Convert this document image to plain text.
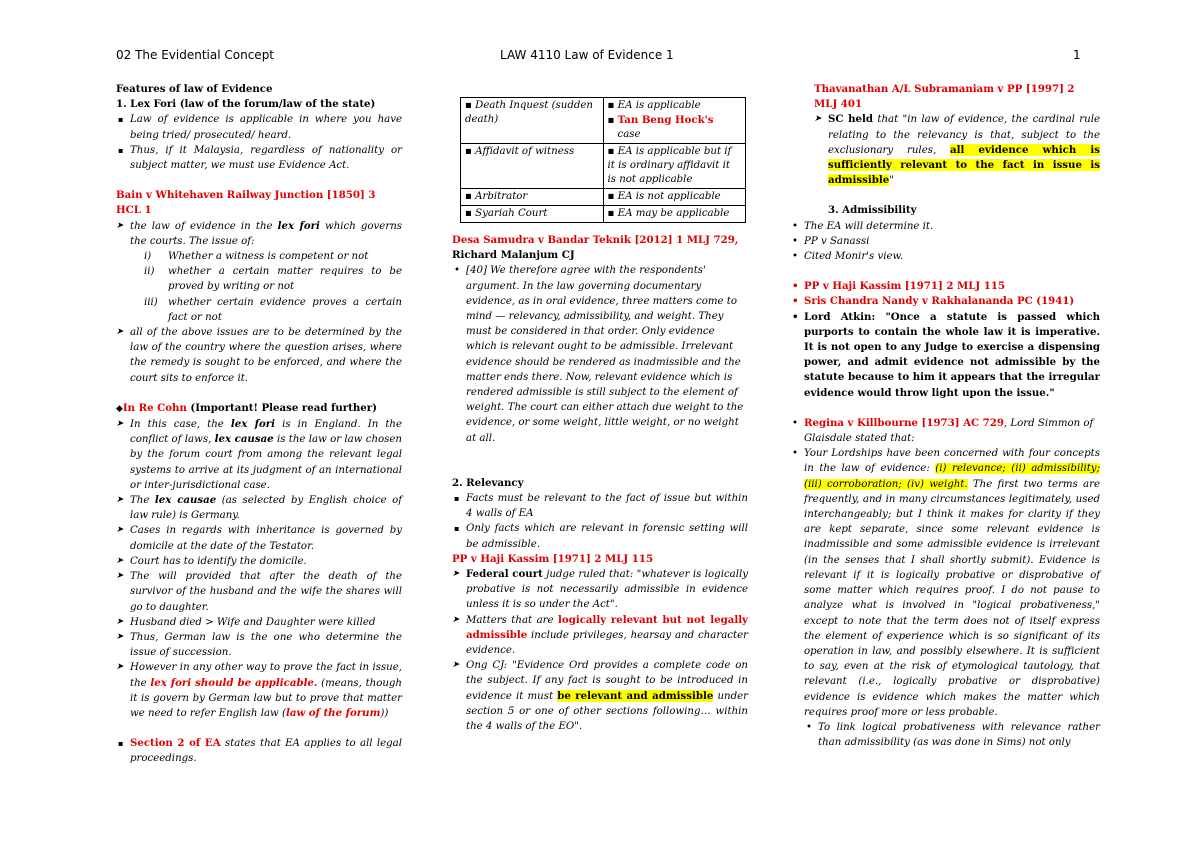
02 The Evidential Concept	LAW 4110 Law of Evidence 1	1
Features of law of Evidence
1. Lex Fori (law of the forum/law of the state)
▪ Law of evidence is applicable in where you have being tried/ prosecuted/ heard.
▪ Thus, if it Malaysia, regardless of nationality or subject matter, we must use Evidence Act.
Bain v Whitehaven Railway Junction [1850] 3 HCL 1
➤ the law of evidence in the lex fori which governs the courts. The issue of:
i) Whether a witness is competent or not
ii) whether a certain matter requires to be proved by writing or not
iii) whether certain evidence proves a certain fact or not
➤ all of the above issues are to be determined by the law of the country where the question arises, where the remedy is sought to be enforced, and where the court sits to enforce it.
◆In Re Cohn (Important! Please read further)
➤ In this case, the lex fori is in England. In the conflict of laws, lex causae is the law or law chosen by the forum court from among the relevant legal systems to arrive at its judgment of an international or inter-jurisdictional case.
➤ The lex causae (as selected by English choice of law rule) is Germany.
➤ Cases in regards with inheritance is governed by domicile at the date of the Testator.
➤ Court has to identify the domicile.
➤ The will provided that after the death of the survivor of the husband and the wife the shares will go to daughter.
➤ Husband died > Wife and Daughter were killed
➤ Thus, German law is the one who determine the issue of succession.
➤ However in any other way to prove the fact in issue, the lex fori should be applicable. (means, though it is govern by German law but to prove that matter we need to refer English law (law of the forum))
▪ Section 2 of EA states that EA applies to all legal proceedings.
▪ Death Inquest (sudden death)	▪ EA is applicable
▪ Tan Beng Hock's
case
▪ Affidavit of witness	▪ EA is applicable but if it is ordinary affidavit it is not applicable
▪ Arbitrator	▪ EA is not applicable
▪ Syariah Court	▪ EA may be applicable
Desa Samudra v Bandar Teknik [2012] 1 MLJ 729,
Richard Malanjum CJ
• [40] We therefore agree with the respondents' argument. In the law governing documentary evidence, as in oral evidence, three matters come to mind — relevancy, admissibility, and weight. They must be considered in that order. Only evidence which is relevant ought to be admissible. Irrelevant evidence should be rendered as inadmissible and the matter ends there. Now, relevant evidence which is rendered admissible is still subject to the element of weight. The court can either attach due weight to the evidence, or some weight, little weight, or no weight at all.
2. Relevancy
▪ Facts must be relevant to the fact of issue but within 4 walls of EA
▪ Only facts which are relevant in forensic setting will be admissible.
PP v Haji Kassim [1971] 2 MLJ 115
➤ Federal court judge ruled that: "whatever is logically probative is not necessarily admissible in evidence unless it is so under the Act".
➤ Matters that are logically relevant but not legally admissible include privileges, hearsay and character evidence.
➤ Ong CJ: "Evidence Ord provides a complete code on the subject. If any fact is sought to be introduced in evidence it must be relevant and admissible under section 5 or one of other sections following… within the 4 walls of the EO".
Thavanathan A/L Subramaniam v PP [1997] 2 MLJ 401
➤ SC held that "in law of evidence, the cardinal rule relating to the relevancy is that, subject to the exclusionary rules, all evidence which is sufficiently relevant to the fact in issue is admissible"
3. Admissibility
• The EA will determine it.
• PP v Sanassi
• Cited Monir's view.
• PP v Haji Kassim [1971] 2 MLJ 115
• Sris Chandra Nandy v Rakhalananda PC (1941)
• Lord Atkin: "Once a statute is passed which purports to contain the whole law it is imperative. It is not open to any Judge to exercise a dispensing power, and admit evidence not admissible by the statute because to him it appears that the irregular evidence would throw light upon the issue."
• Regina v Killbourne [1973] AC 729, Lord Simmon of Glaisdale stated that:
• Your Lordships have been concerned with four concepts in the law of evidence: (i) relevance; (ii) admissibility; (iii) corroboration; (iv) weight. The first two terms are frequently, and in many circumstances legitimately, used interchangeably; but I think it makes for clarity if they are kept separate, since some relevant evidence is inadmissible and some admissible evidence is irrelevant (in the senses that I shall shortly submit). Evidence is relevant if it is logically probative or disprobative of some matter which requires proof. I do not pause to analyze what is involved in "logical probativeness," except to note that the term does not of itself express the element of experience which is so significant of its operation in law, and possibly elsewhere. It is sufficient to say, even at the risk of etymological tautology, that relevant (i.e., logically probative or disprobative) evidence is evidence which makes the matter which requires proof more or less probable.
• To link logical probativeness with relevance rather than admissibility (as was done in Sims) not only
